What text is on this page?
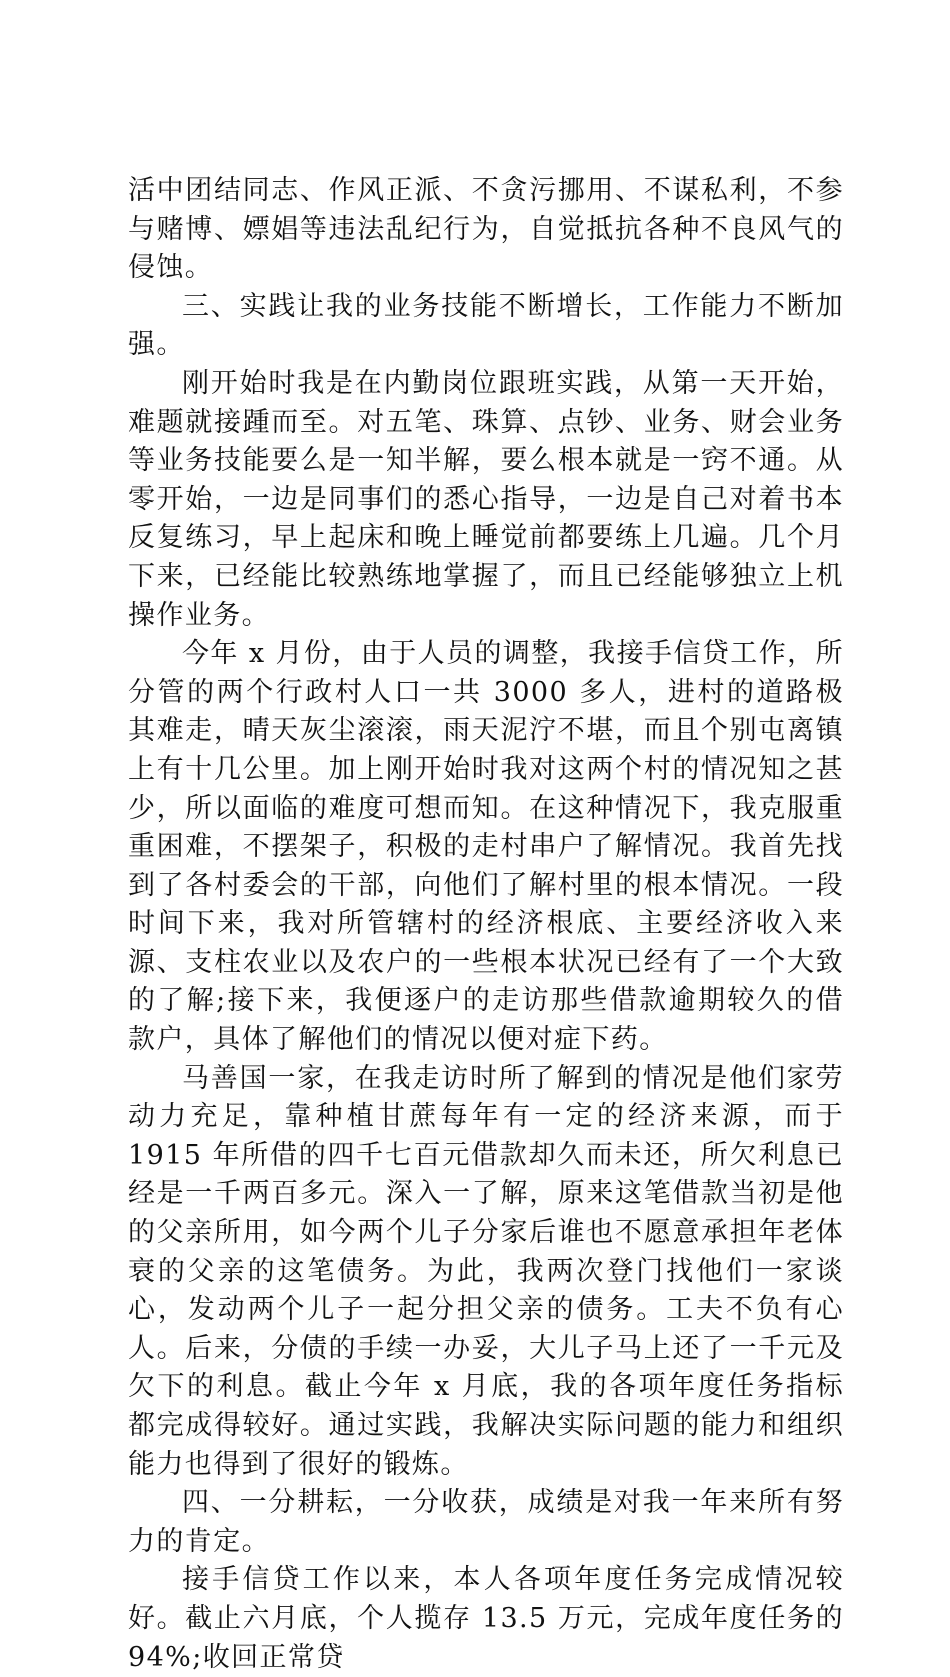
活中团结同志、作风正派、不贪污挪用、不谋私利，不参与赌博、嫖娼等违法乱纪行为，自觉抵抗各种不良风气的侵蚀。

三、实践让我的业务技能不断增长，工作能力不断加强。

刚开始时我是在内勤岗位跟班实践，从第一天开始，难题就接踵而至。对五笔、珠算、点钞、业务、财会业务等业务技能要么是一知半解，要么根本就是一窍不通。从零开始，一边是同事们的悉心指导，一边是自己对着书本反复练习，早上起床和晚上睡觉前都要练上几遍。几个月下来，已经能比较熟练地掌握了，而且已经能够独立上机操作业务。

今年 x 月份，由于人员的调整，我接手信贷工作，所分管的两个行政村人口一共 3000 多人，进村的道路极其难走，晴天灰尘滚滚，雨天泥泞不堪，而且个别屯离镇上有十几公里。加上刚开始时我对这两个村的情况知之甚少，所以面临的难度可想而知。在这种情况下，我克服重重困难，不摆架子，积极的走村串户了解情况。我首先找到了各村委会的干部，向他们了解村里的根本情况。一段时间下来，我对所管辖村的经济根底、主要经济收入来源、支柱农业以及农户的一些根本状况已经有了一个大致的了解;接下来，我便逐户的走访那些借款逾期较久的借款户，具体了解他们的情况以便对症下药。

马善国一家，在我走访时所了解到的情况是他们家劳动力充足，靠种植甘蔗每年有一定的经济来源，而于 1915 年所借的四千七百元借款却久而未还，所欠利息已经是一千两百多元。深入一了解，原来这笔借款当初是他的父亲所用，如今两个儿子分家后谁也不愿意承担年老体衰的父亲的这笔债务。为此，我两次登门找他们一家谈心，发动两个儿子一起分担父亲的债务。工夫不负有心人。后来，分债的手续一办妥，大儿子马上还了一千元及欠下的利息。截止今年 x 月底，我的各项年度任务指标都完成得较好。通过实践，我解决实际问题的能力和组织能力也得到了很好的锻炼。

四、一分耕耘，一分收获，成绩是对我一年来所有努力的肯定。

接手信贷工作以来，本人各项年度任务完成情况较好。截止六月底，个人揽存 13.5 万元，完成年度任务的 94%;收回正常贷
